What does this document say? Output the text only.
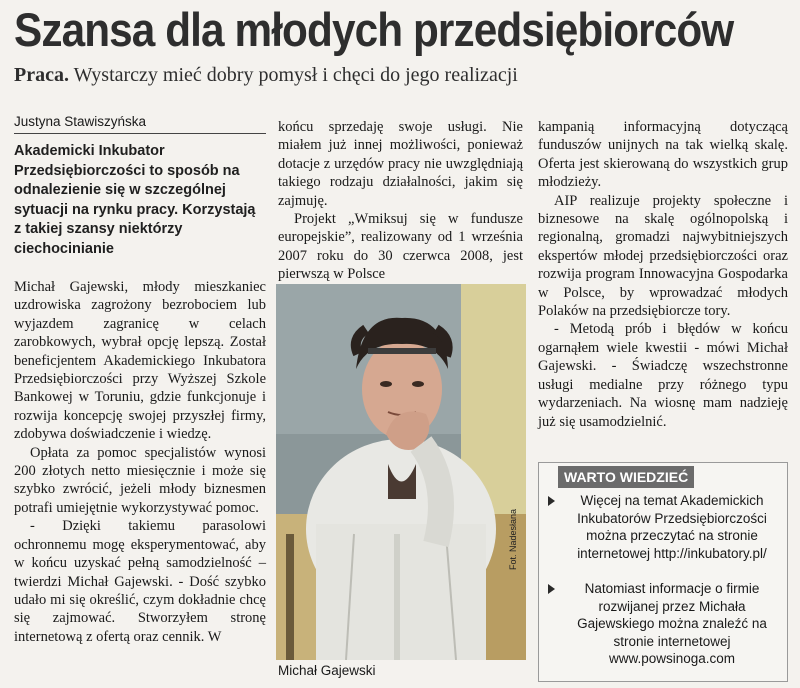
Szansa dla młodych przedsiębiorców
Praca. Wystarczy mieć dobry pomysł i chęci do jego realizacji
Justyna Stawiszyńska
Akademicki Inkubator Przedsiębiorczości to sposób na odnalezienie się w szczególnej sytuacji na rynku pracy. Korzystają z takiej szansy niektórzy ciechocinianie

Michał Gajewski, młody mieszkaniec uzdrowiska zagrożony bezrobociem lub wyjazdem zagranicę w celach zarobkowych, wybrał opcję lepszą. Został beneficjentem Akademickiego Inkubatora Przedsiębiorczości przy Wyższej Szkole Bankowej w Toruniu, gdzie funkcjonuje i rozwija koncepcję swojej przyszłej firmy, zdobywa doświadczenie i wiedzę.

Opłata za pomoc specjalistów wynosi 200 złotych netto miesięcznie i może się szybko zwrócić, jeżeli młody biznesmen potrafi umiejętnie wykorzystywać pomoc.

- Dzięki takiemu parasolowi ochronnemu mogę eksperymentować, aby w końcu uzyskać pełną samodzielność – twierdzi Michał Gajewski. - Dość szybko udało mi się określić, czym dokładnie chcę się zajmować. Stworzyłem stronę internetową z ofertą oraz cennik. W

końcu sprzedaję swoje usługi. Nie miałem już innej możliwości, ponieważ dotacje z urzędów pracy nie uwzględniają takiego rodzaju działalności, jakim się zajmuję.

Projekt „Wmiksuj się w fundusze europejskie”, realizowany od 1 września 2007 roku do 30 czerwca 2008, jest pierwszą w Polsce

Fot. Nadesłana
Michał Gajewski

kampanią informacyjną dotyczącą funduszów unijnych na tak wielką skalę. Oferta jest skierowaną do wszystkich grup młodzieży.

AIP realizuje projekty społeczne i biznesowe na skalę ogólnopolską i regionalną, gromadzi najwybitniejszych ekspertów młodej przedsiębiorczości oraz rozwija program Innowacyjna Gospodarka w Polsce, by wprowadzać młodych Polaków na przedsiębiorcze tory.

- Metodą prób i błędów w końcu ogarnąłem wiele kwestii - mówi Michał Gajewski. - Świadczę wszechstronne usługi medialne przy różnego typu wydarzeniach. Na wiosnę mam nadzieję już się usamodzielnić.

WARTO WIEDZIEĆ
Więcej na temat Akademickich Inkubatorów Przedsiębiorczości można przeczytać na stronie internetowej http://inkubatory.pl/
Natomiast informacje o firmie rozwijanej przez Michała Gajewskiego można znaleźć na stronie internetowej www.powsinoga.com
